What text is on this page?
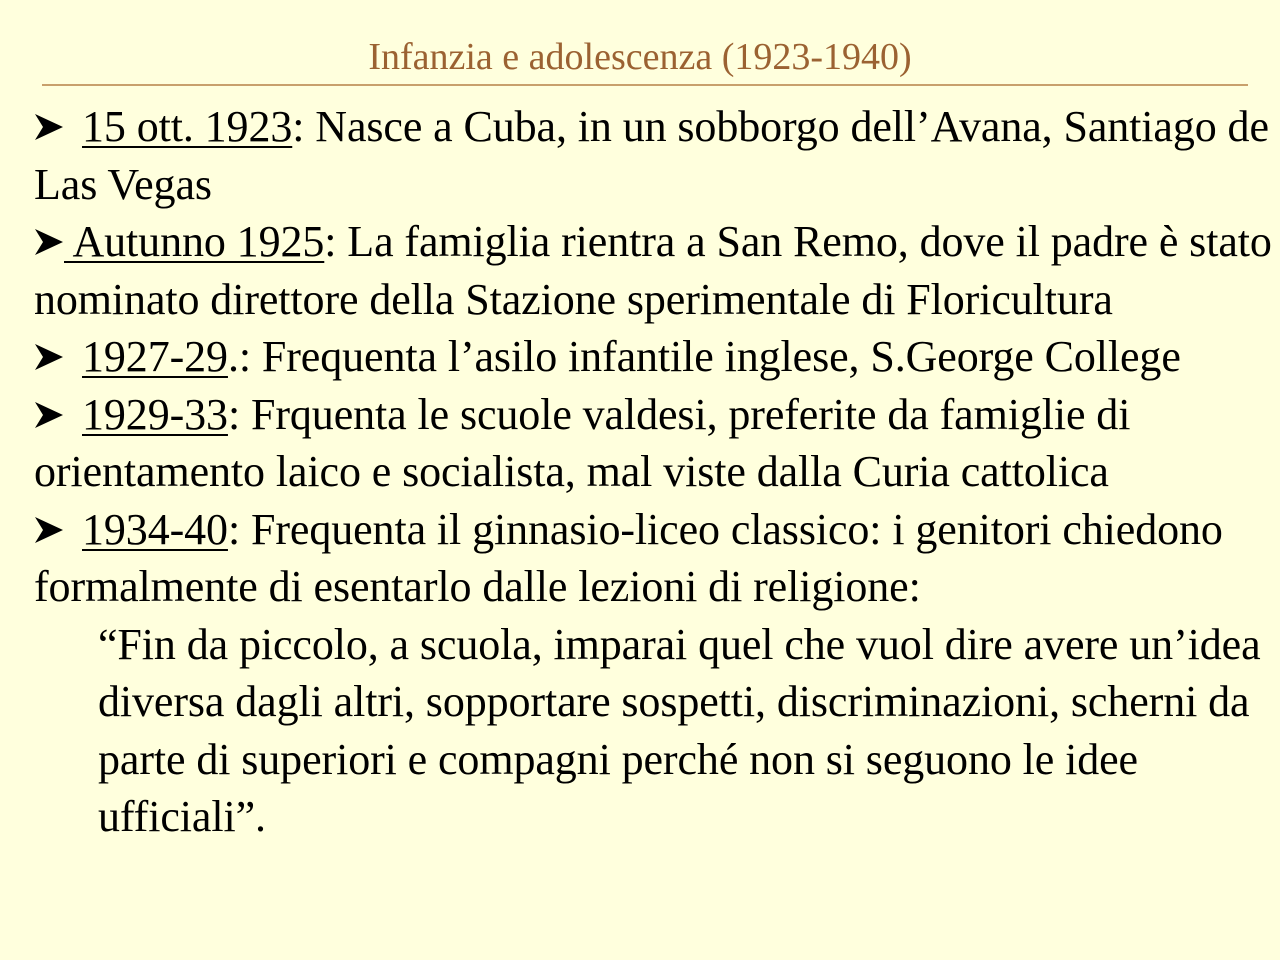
Infanzia e adolescenza (1923-1940)

15 ott. 1923: Nasce a Cuba, in un sobborgo dell’Avana, Santiago de Las Vegas

Autunno 1925: La famiglia rientra a San Remo, dove il padre è stato nominato direttore della Stazione sperimentale di Floricultura

1927-29.: Frequenta l’asilo infantile inglese, S.George College

1929-33: Frquenta le scuole valdesi, preferite da famiglie di orientamento laico e socialista, mal viste dalla Curia cattolica

1934-40: Frequenta il ginnasio-liceo classico: i genitori chiedono formalmente di esentarlo dalle lezioni di religione:

“Fin da piccolo, a scuola, imparai quel che vuol dire avere un’idea diversa dagli altri, sopportare sospetti, discriminazioni, scherni da parte di superiori e compagni perché non si seguono le idee ufficiali”.
